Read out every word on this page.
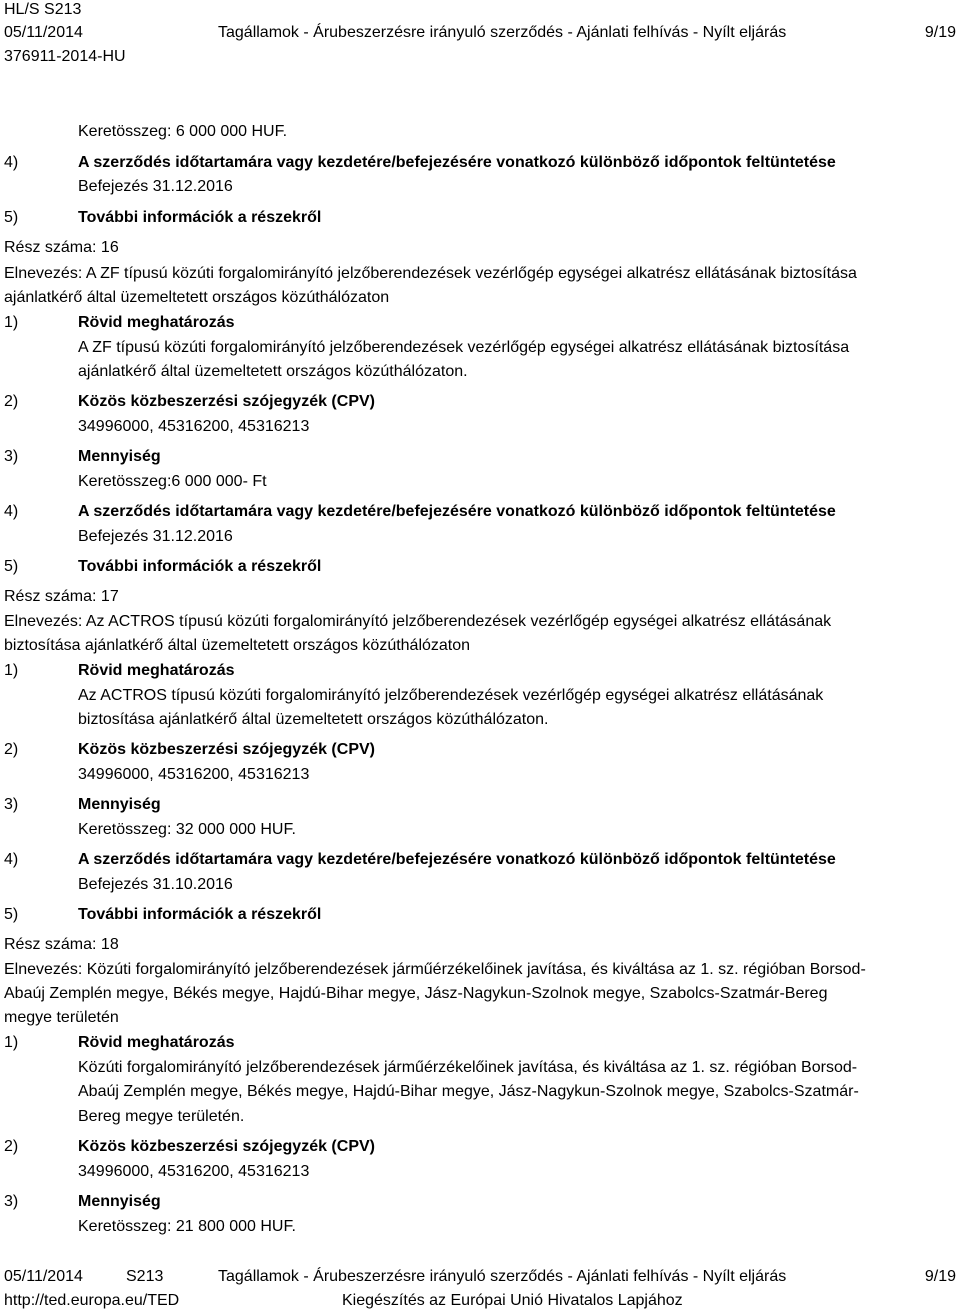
HL/S S213
05/11/2014
376911-2014-HU
Tagállamok - Árubeszerzésre irányuló szerződés - Ajánlati felhívás - Nyílt eljárás	9/19
Keretösszeg: 6 000 000 HUF.
4)	A szerződés időtartamára vagy kezdetére/befejezésére vonatkozó különböző időpontok feltüntetése
Befejezés 31.12.2016
5)	További információk a részekről
Rész száma: 16
Elnevezés: A ZF típusú közúti forgalomirányító jelzőberendezések vezérlőgép egységei alkatrész ellátásának biztosítása
ajánlatkérő által üzemeltetett országos közúthálózaton
1)	Rövid meghatározás
A ZF típusú közúti forgalomirányító jelzőberendezések vezérlőgép egységei alkatrész ellátásának biztosítása
ajánlatkérő által üzemeltetett országos közúthálózaton.
2)	Közös közbeszerzési szójegyzék (CPV)
34996000, 45316200, 45316213
3)	Mennyiség
Keretösszeg:6 000 000- Ft
4)	A szerződés időtartamára vagy kezdetére/befejezésére vonatkozó különböző időpontok feltüntetése
Befejezés 31.12.2016
5)	További információk a részekről
Rész száma: 17
Elnevezés: Az ACTROS típusú közúti forgalomirányító jelzőberendezések vezérlőgép egységei alkatrész ellátásának
biztosítása ajánlatkérő által üzemeltetett országos közúthálózaton
1)	Rövid meghatározás
Az ACTROS típusú közúti forgalomirányító jelzőberendezések vezérlőgép egységei alkatrész ellátásának
biztosítása ajánlatkérő által üzemeltetett országos közúthálózaton.
2)	Közös közbeszerzési szójegyzék (CPV)
34996000, 45316200, 45316213
3)	Mennyiség
Keretösszeg: 32 000 000 HUF.
4)	A szerződés időtartamára vagy kezdetére/befejezésére vonatkozó különböző időpontok feltüntetése
Befejezés 31.10.2016
5)	További információk a részekről
Rész száma: 18
Elnevezés: Közúti forgalomirányító jelzőberendezések járműérzékelőinek javítása, és kiváltása az 1. sz. régióban Borsod-
Abaúj Zemplén megye, Békés megye, Hajdú-Bihar megye, Jász-Nagykun-Szolnok megye, Szabolcs-Szatmár-Bereg
megye területén
1)	Rövid meghatározás
Közúti forgalomirányító jelzőberendezések járműérzékelőinek javítása, és kiváltása az 1. sz. régióban Borsod-
Abaúj Zemplén megye, Békés megye, Hajdú-Bihar megye, Jász-Nagykun-Szolnok megye, Szabolcs-Szatmár-
Bereg megye területén.
2)	Közös közbeszerzési szójegyzék (CPV)
34996000, 45316200, 45316213
3)	Mennyiség
Keretösszeg: 21 800 000 HUF.
05/11/2014	S213	Tagállamok - Árubeszerzésre irányuló szerződés - Ajánlati felhívás - Nyílt eljárás	9/19
http://ted.europa.eu/TED	Kiegészítés az Európai Unió Hivatalos Lapjához
